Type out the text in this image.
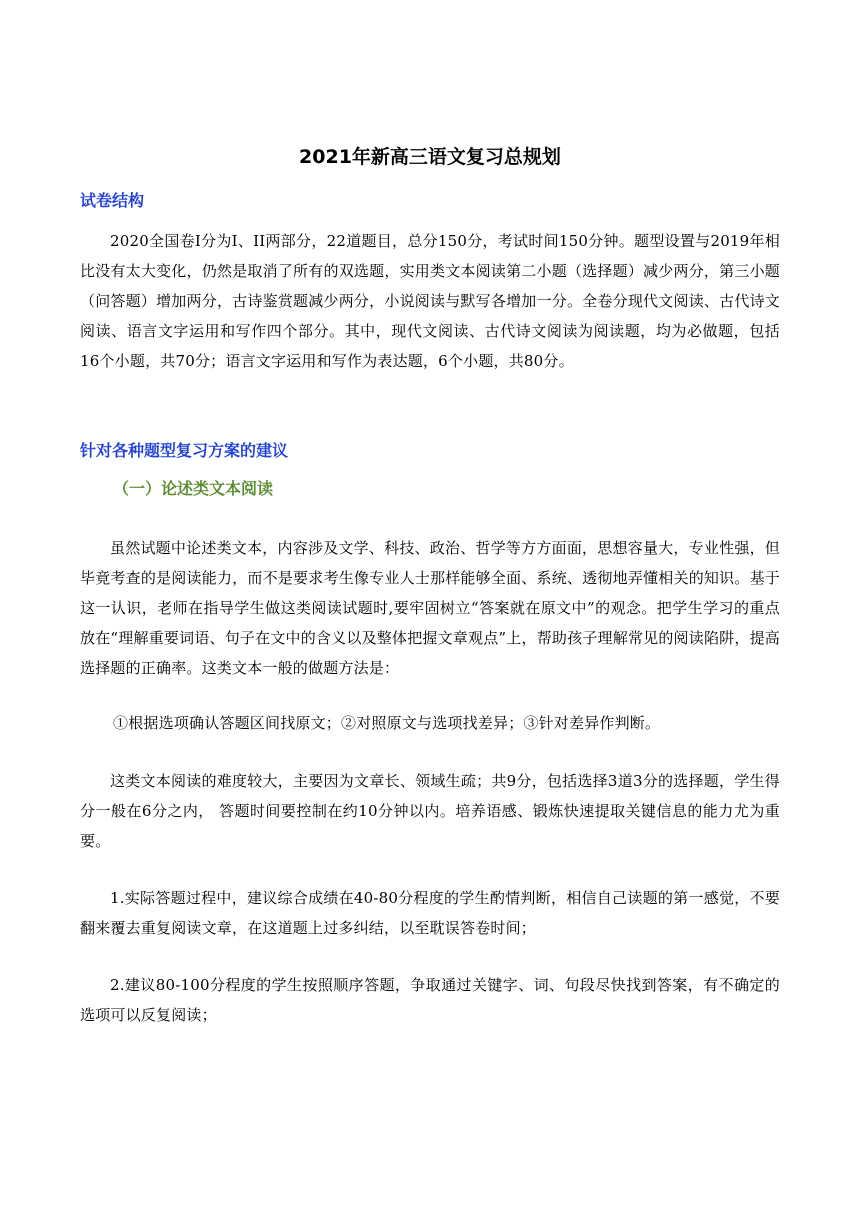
2021年新高三语文复习总规划
试卷结构
2020全国卷I分为I、II两部分，22道题目，总分150分，考试时间150分钟。题型设置与2019年相比没有太大变化，仍然是取消了所有的双选题，实用类文本阅读第二小题（选择题）减少两分，第三小题（问答题）增加两分，古诗鉴赏题减少两分，小说阅读与默写各增加一分。全卷分现代文阅读、古代诗文阅读、语言文字运用和写作四个部分。其中，现代文阅读、古代诗文阅读为阅读题，均为必做题，包括16个小题，共70分；语言文字运用和写作为表达题，6个小题，共80分。
针对各种题型复习方案的建议
（一）论述类文本阅读
虽然试题中论述类文本，内容涉及文学、科技、政治、哲学等方方面面，思想容量大，专业性强，但毕竟考查的是阅读能力，而不是要求考生像专业人士那样能够全面、系统、透彻地弄懂相关的知识。基于这一认识，老师在指导学生做这类阅读试题时,要牢固树立“答案就在原文中”的观念。把学生学习的重点放在“理解重要词语、句子在文中的含义以及整体把握文章观点”上，帮助孩子理解常见的阅读陷阱，提高选择题的正确率。这类文本一般的做题方法是：
①根据选项确认答题区间找原文；②对照原文与选项找差异；③针对差异作判断。
这类文本阅读的难度较大，主要因为文章长、领域生疏；共9分，包括选择3道3分的选择题，学生得分一般在6分之内， 答题时间要控制在约10分钟以内。培养语感、锻炼快速提取关键信息的能力尤为重要。
1.实际答题过程中，建议综合成绩在40-80分程度的学生酌情判断，相信自己读题的第一感觉，不要翻来覆去重复阅读文章，在这道题上过多纠结，以至耽误答卷时间；
2.建议80-100分程度的学生按照顺序答题，争取通过关键字、词、句段尽快找到答案，有不确定的选项可以反复阅读；
